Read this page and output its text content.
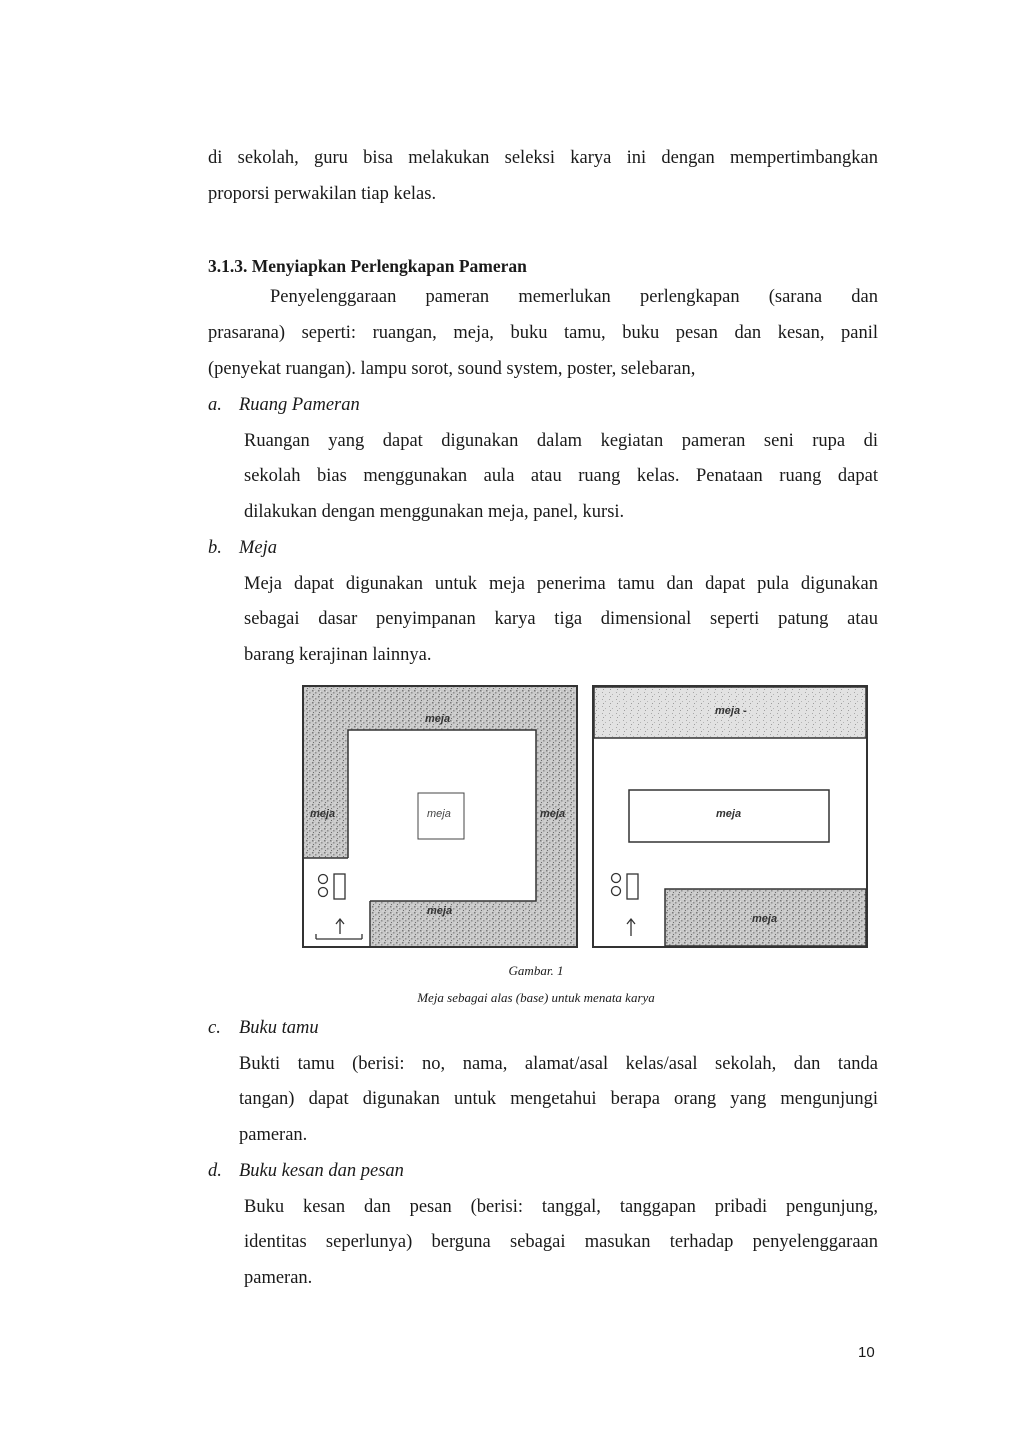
di sekolah, guru bisa melakukan seleksi karya ini dengan mempertimbangkan
proporsi perwakilan tiap kelas.
3.1.3. Menyiapkan Perlengkapan Pameran
Penyelenggaraan pameran memerlukan perlengkapan (sarana dan
prasarana) seperti: ruangan, meja, buku tamu, buku pesan dan kesan, panil
(penyekat ruangan). lampu sorot, sound system, poster, selebaran,
a. Ruang Pameran
Ruangan yang dapat digunakan dalam kegiatan pameran seni rupa di
sekolah bias menggunakan aula atau ruang kelas. Penataan ruang dapat
dilakukan dengan menggunakan meja, panel, kursi.
b. Meja
Meja dapat digunakan untuk meja penerima tamu dan dapat pula digunakan
sebagai dasar penyimpanan karya tiga dimensional seperti patung atau
barang kerajinan lainnya.
meja
meja	meja	meja
meja
meja -
meja
meja
Gambar. 1
Meja sebagai alas (base) untuk menata karya
c. Buku tamu
Bukti tamu (berisi: no, nama, alamat/asal kelas/asal sekolah, dan tanda
tangan) dapat digunakan untuk mengetahui berapa orang yang mengunjungi
pameran.
d. Buku kesan dan pesan
Buku kesan dan pesan (berisi: tanggal, tanggapan pribadi pengunjung,
identitas seperlunya) berguna sebagai masukan terhadap penyelenggaraan
pameran.
10
